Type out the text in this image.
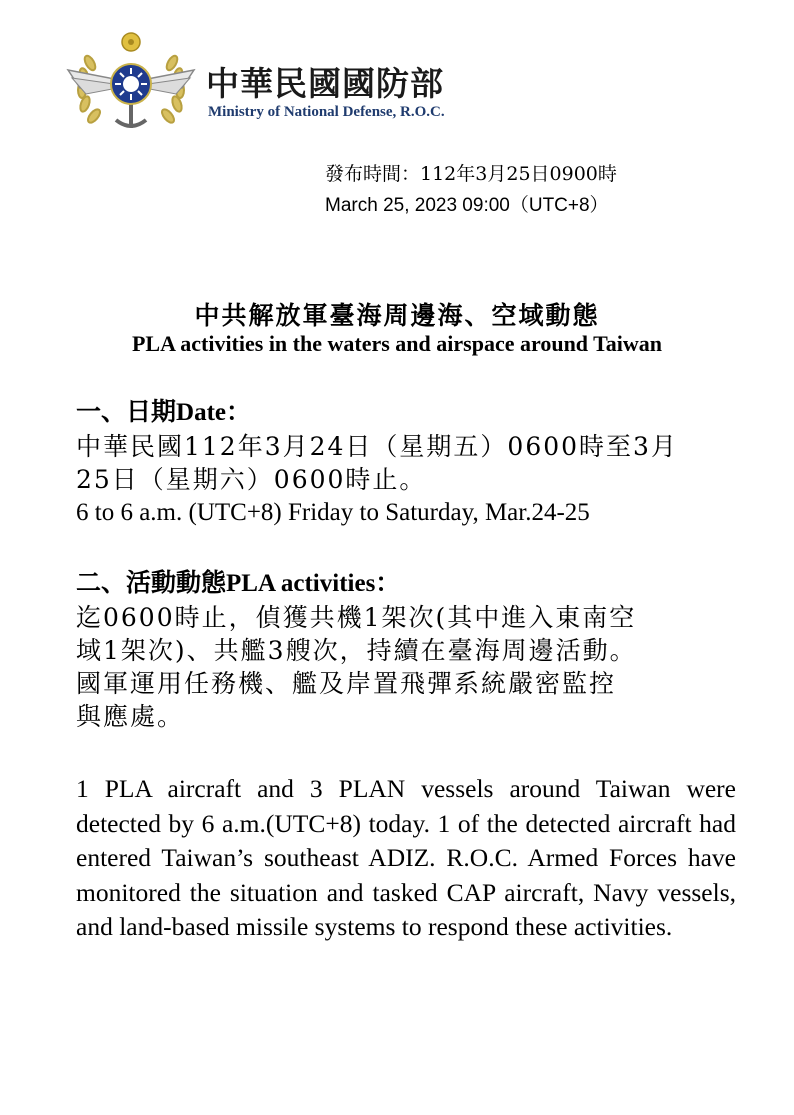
中華民國國防部
Ministry of National Defense, R.O.C.
發布時間：112年3月25日0900時
March 25, 2023 09:00（UTC+8）
中共解放軍臺海周邊海、空域動態
PLA activities in the waters and airspace around Taiwan
一、日期Date：
中華民國112年3月24日（星期五）0600時至3月
25日（星期六）0600時止。
6 to 6 a.m. (UTC+8) Friday to Saturday, Mar.24-25
二、活動動態PLA activities：
迄0600時止，偵獲共機1架次(其中進入東南空
域1架次)、共艦3艘次，持續在臺海周邊活動。
國軍運用任務機、艦及岸置飛彈系統嚴密監控
與應處。
1 PLA aircraft and 3 PLAN vessels around Taiwan were detected by 6 a.m.(UTC+8) today. 1 of the detected aircraft had entered Taiwan’s southeast ADIZ. R.O.C. Armed Forces have monitored the situation and tasked CAP aircraft, Navy vessels, and land-based missile systems to respond these activities.
